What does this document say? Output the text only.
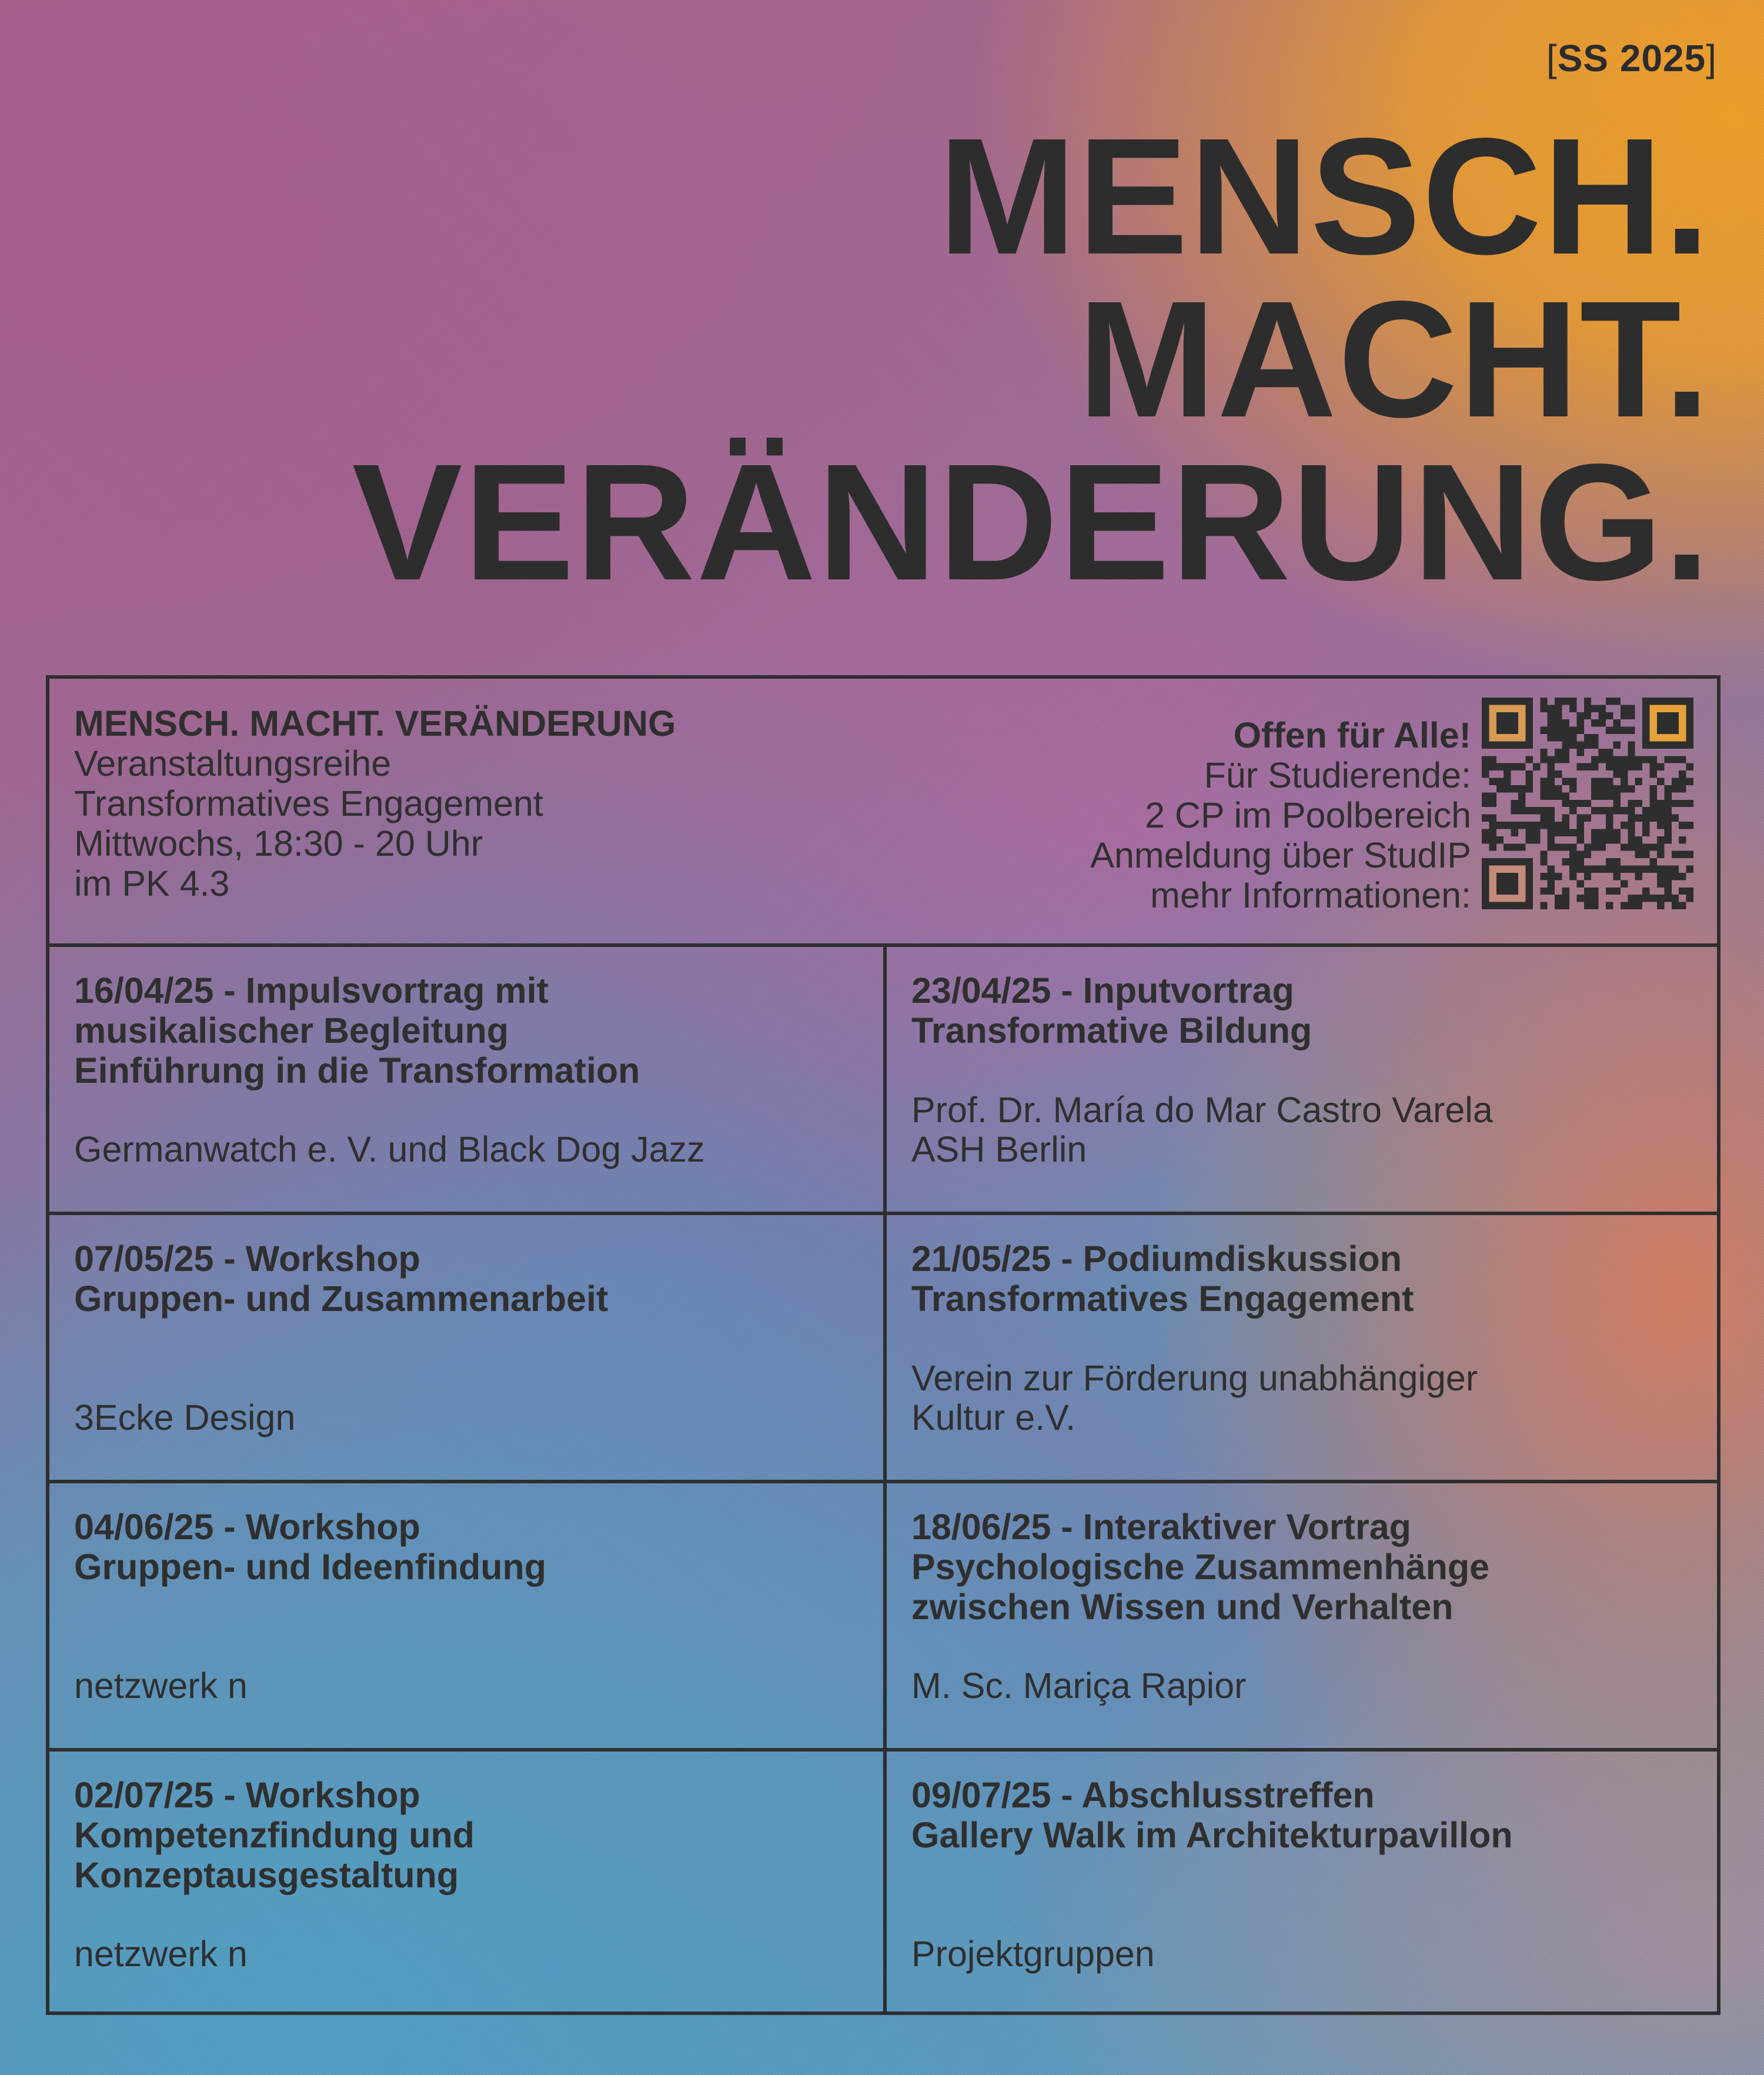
[SS 2025]
MENSCH.
MACHT.
VERÄNDERUNG.
MENSCH. MACHT. VERÄNDERUNG
Veranstaltungsreihe
Transformatives Engagement
Mittwochs, 18:30 - 20 Uhr
im PK 4.3
Offen für Alle!
Für Studierende:
2 CP im Poolbereich
Anmeldung über StudIP
mehr Informationen:
16/04/25 - Impulsvortrag mit
musikalischer Begleitung
Einführung in die Transformation
Germanwatch e. V. und Black Dog Jazz
23/04/25 - Inputvortrag
Transformative Bildung
Prof. Dr. María do Mar Castro Varela
ASH Berlin
07/05/25 - Workshop
Gruppen- und Zusammenarbeit
3Ecke Design
21/05/25 - Podiumdiskussion
Transformatives Engagement
Verein zur Förderung unabhängiger
Kultur e.V.
04/06/25 - Workshop
Gruppen- und Ideenfindung
netzwerk n
18/06/25 - Interaktiver Vortrag
Psychologische Zusammenhänge
zwischen Wissen und Verhalten
M. Sc. Mariça Rapior
02/07/25 - Workshop
Kompetenzfindung und
Konzeptausgestaltung
netzwerk n
09/07/25 - Abschlusstreffen
Gallery Walk im Architekturpavillon
Projektgruppen
